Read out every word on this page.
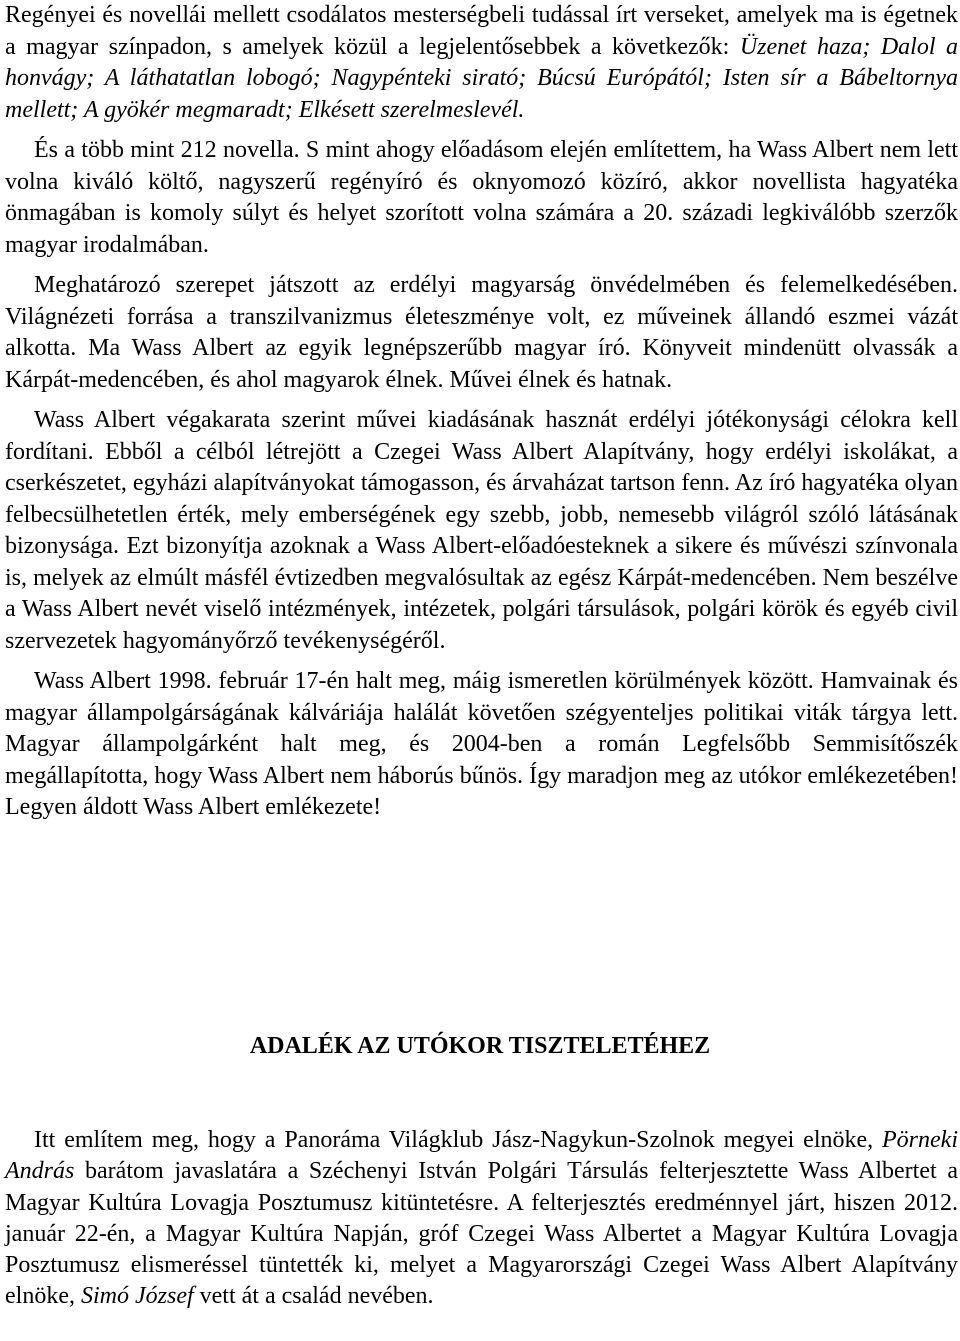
Regényei és novellái mellett csodálatos mesterségbeli tudással írt verseket, amelyek ma is égetnek a magyar színpadon, s amelyek közül a legjelentősebbek a következők: Üzenet haza; Dalol a honvágy; A láthatatlan lobogó; Nagypénteki sirató; Búcsú Európától; Isten sír a Bábeltornya mellett; A gyökér megmaradt; Elkésett szerelmeslevél.

És a több mint 212 novella. S mint ahogy előadásom elején említettem, ha Wass Albert nem lett volna kiváló költő, nagyszerű regényíró és oknyomozó közíró, akkor novellista hagyatéka önmagában is komoly súlyt és helyet szorított volna számára a 20. századi legkiválóbb szerzők magyar irodalmában.

Meghatározó szerepet játszott az erdélyi magyarság önvédelmében és felemelkedésében. Világnézeti forrása a transzilvanizmus életeszménye volt, ez műveinek állandó eszmei vázát alkotta. Ma Wass Albert az egyik legnépszerűbb magyar író. Könyveit mindenütt olvassák a Kárpát-medencében, és ahol magyarok élnek. Művei élnek és hatnak.

Wass Albert végakarata szerint művei kiadásának hasznát erdélyi jótékonysági célokra kell fordítani. Ebből a célból létrejött a Czegei Wass Albert Alapítvány, hogy erdélyi iskolákat, a cserkészetet, egyházi alapítványokat támogasson, és árvaházat tartson fenn. Az író hagyatéka olyan felbecsülhetetlen érték, mely emberségének egy szebb, jobb, nemesebb világról szóló látásának bizonysága. Ezt bizonyítja azoknak a Wass Albert-előadóesteknek a sikere és művészi színvonala is, melyek az elmúlt másfél évtizedben megvalósultak az egész Kárpát-medencében. Nem beszélve a Wass Albert nevét viselő intézmények, intézetek, polgári társulások, polgári körök és egyéb civil szervezetek hagyományőrző tevékenységéről.

Wass Albert 1998. február 17-én halt meg, máig ismeretlen körülmények között. Hamvainak és magyar állampolgárságának kálváriája halálát követően szégyenteljes politikai viták tárgya lett. Magyar állampolgárként halt meg, és 2004-ben a román Legfelsőbb Semmisítőszék megállapította, hogy Wass Albert nem háborús bűnös. Így maradjon meg az utókor emlékezetében! Legyen áldott Wass Albert emlékezete!

ADALÉK AZ UTÓKOR TISZTELETÉHEZ

Itt említem meg, hogy a Panoráma Világklub Jász-Nagykun-Szolnok megyei elnöke, Pörneki András barátom javaslatára a Széchenyi István Polgári Társulás felterjesztette Wass Albertet a Magyar Kultúra Lovagja Posztumusz kitüntetésre. A felterjesztés eredménnyel járt, hiszen 2012. január 22-én, a Magyar Kultúra Napján, gróf Czegei Wass Albertet a Magyar Kultúra Lovagja Posztumusz elismeréssel tüntették ki, melyet a Magyarországi Czegei Wass Albert Alapítvány elnöke, Simó József vett át a család nevében.
